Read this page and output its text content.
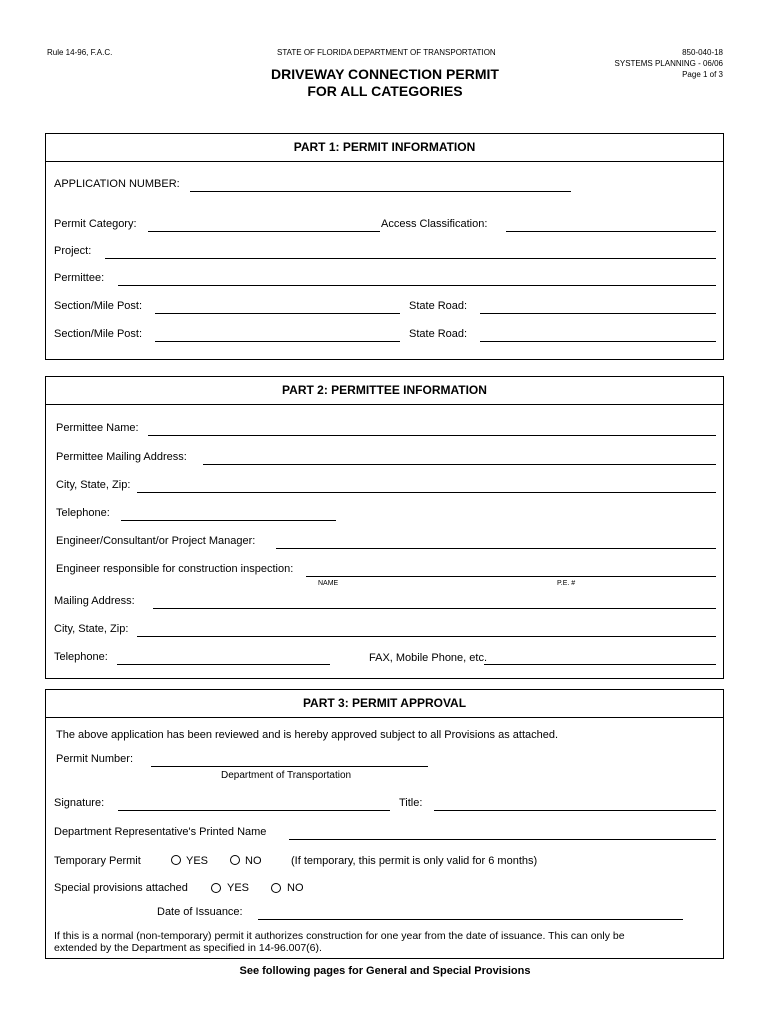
Rule 14-96, F.A.C.	STATE OF FLORIDA DEPARTMENT OF TRANSPORTATION	850-040-18
SYSTEMS PLANNING - 06/06
Page 1 of 3
DRIVEWAY CONNECTION PERMIT
FOR ALL CATEGORIES
PART 1: PERMIT INFORMATION
APPLICATION NUMBER:
Permit Category:	Access Classification:
Project:
Permittee:
Section/Mile Post:	State Road:
Section/Mile Post:	State Road:
PART 2: PERMITTEE INFORMATION
Permittee Name:
Permittee Mailing Address:
City, State, Zip:
Telephone:
Engineer/Consultant/or Project Manager:
Engineer responsible for construction inspection:
NAME	P.E. #
Mailing Address:
City, State, Zip:
Telephone:	FAX, Mobile Phone, etc.
PART 3: PERMIT APPROVAL
The above application has been reviewed and is hereby approved subject to all Provisions as attached.
Permit Number:
Department of Transportation
Signature:	Title:
Department Representative's Printed Name
Temporary Permit	YES	NO	(If temporary, this permit is only valid for 6 months)
Special provisions attached	YES	NO
Date of Issuance:
If this is a normal (non-temporary) permit it authorizes construction for one year from the date of issuance. This can only be
extended by the Department as specified in 14-96.007(6).
See following pages for General and Special Provisions
